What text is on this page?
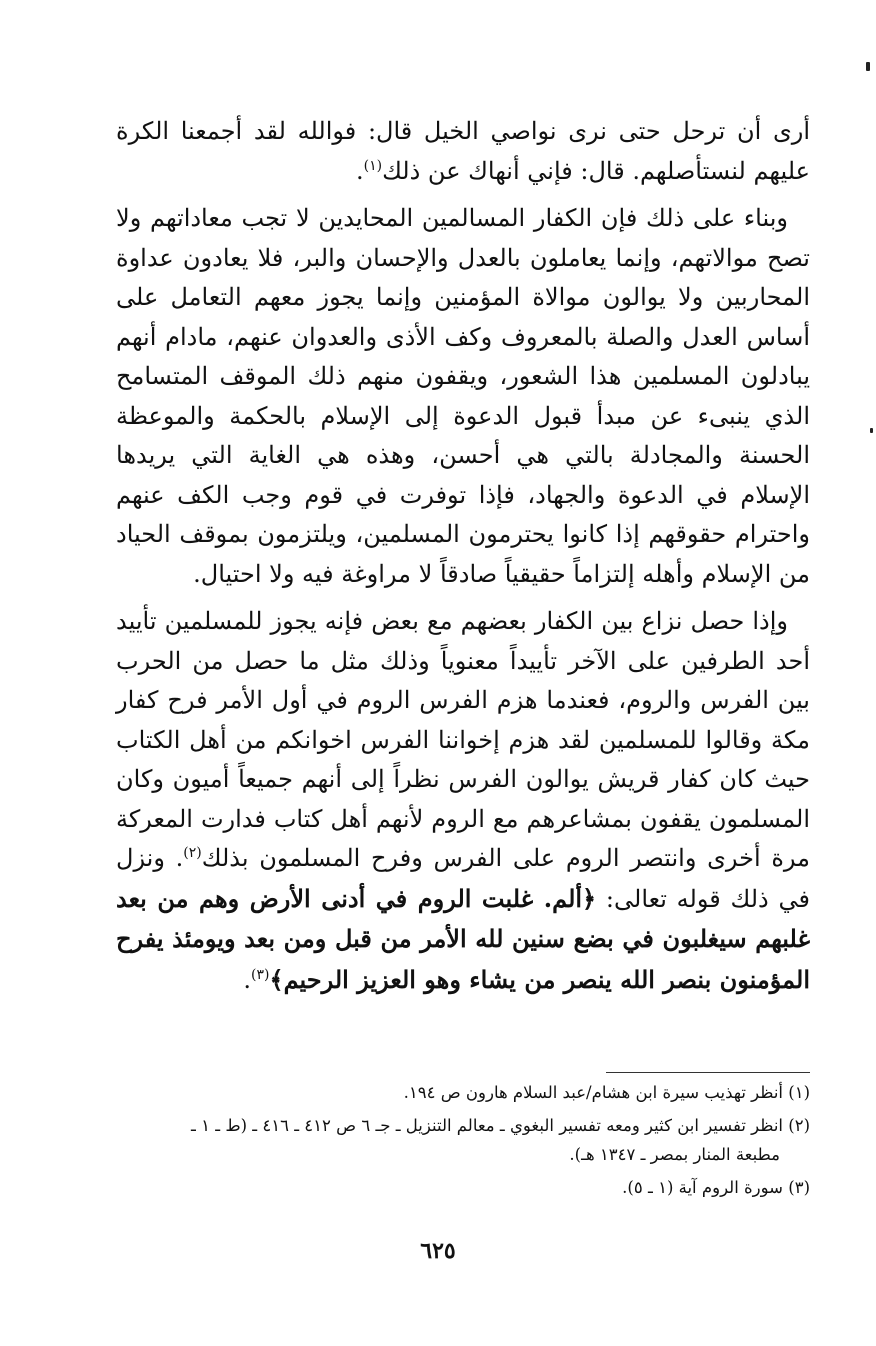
أرى أن ترحل حتى نرى نواصي الخيل قال: فوالله لقد أجمعنا الكرة عليهم لنستأصلهم. قال: فإني أنهاك عن ذلك$^{(١)}$.

وبناء على ذلك فإن الكفار المسالمين المحايدين لا تجب معاداتهم ولا تصح موالاتهم، وإنما يعاملون بالعدل والإحسان والبر، فلا يعادون عداوة المحاربين ولا يوالون موالاة المؤمنين وإنما يجوز معهم التعامل على أساس العدل والصلة بالمعروف وكف الأذى والعدوان عنهم، مادام أنهم يبادلون المسلمين هذا الشعور، ويقفون منهم ذلك الموقف المتسامح الذي ينبىء عن مبدأ قبول الدعوة إلى الإسلام بالحكمة والموعظة الحسنة والمجادلة بالتي هي أحسن، وهذه هي الغاية التي يريدها الإسلام في الدعوة والجهاد، فإذا توفرت في قوم وجب الكف عنهم واحترام حقوقهم إذا كانوا يحترمون المسلمين، ويلتزمون بموقف الحياد من الإسلام وأهله إلتزاماً حقيقياً صادقاً لا مراوغة فيه ولا احتيال.

وإذا حصل نزاع بين الكفار بعضهم مع بعض فإنه يجوز للمسلمين تأييد أحد الطرفين على الآخر تأييداً معنوياً وذلك مثل ما حصل من الحرب بين الفرس والروم، فعندما هزم الفرس الروم في أول الأمر فرح كفار مكة وقالوا للمسلمين لقد هزم إخواننا الفرس اخوانكم من أهل الكتاب حيث كان كفار قريش يوالون الفرس نظراً إلى أنهم جميعاً أميون وكان المسلمون يقفون بمشاعرهم مع الروم لأنهم أهل كتاب فدارت المعركة مرة أخرى وانتصر الروم على الفرس وفرح المسلمون بذلك$^{(٢)}$. ونزل في ذلك قوله تعالى: ﴿ألم. غلبت الروم في أدنى الأرض وهم من بعد غلبهم سيغلبون في بضع سنين لله الأمر من قبل ومن بعد ويومئذ يفرح المؤمنون بنصر الله ينصر من يشاء وهو العزيز الرحيم﴾$^{(٣)}$.

(١) أنظر تهذيب سيرة ابن هشام/عبد السلام هارون ص ١٩٤.
(٢) انظر تفسير ابن كثير ومعه تفسير البغوي ـ معالم التنزيل ـ جـ ٦ ص ٤١٢ ـ ٤١٦ ـ (ط ـ ١ ـ
مطبعة المنار بمصر ـ ١٣٤٧ هـ).
(٣) سورة الروم آية (١ ـ ٥).
٦٢٥
